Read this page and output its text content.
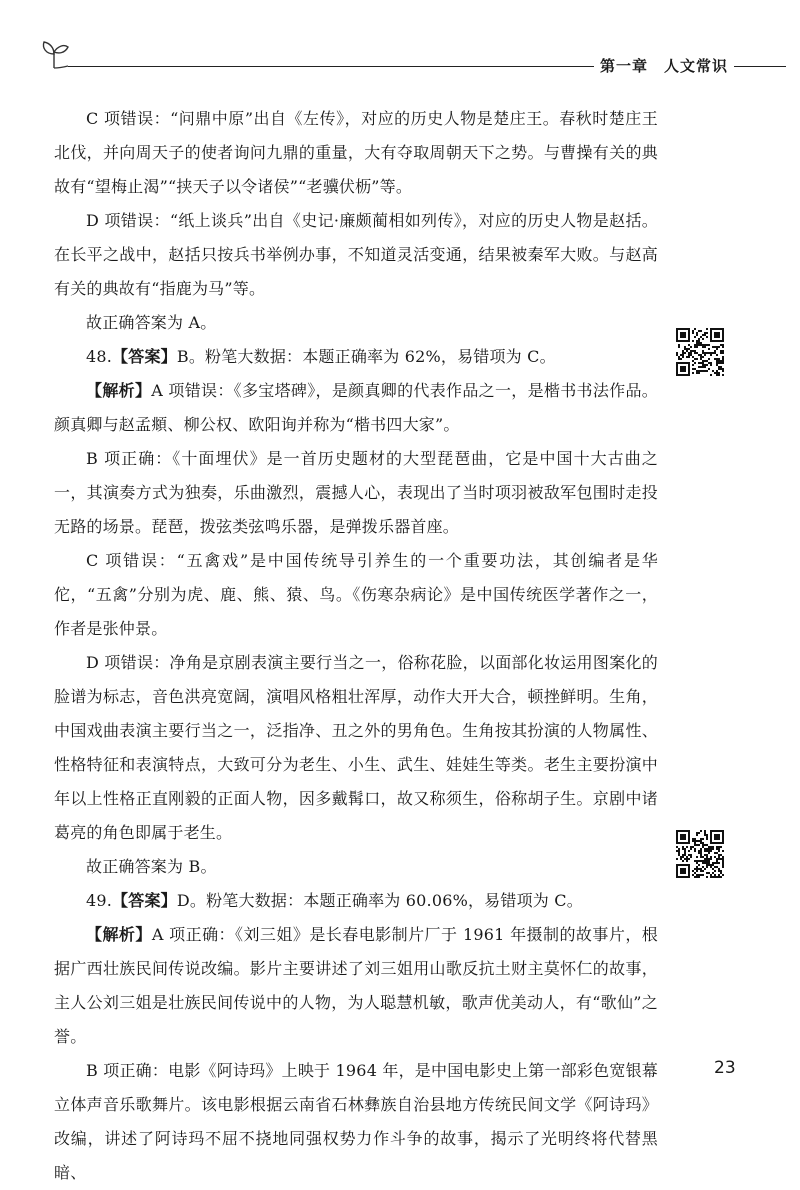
第一章 人文常识

C 项错误：“问鼎中原”出自《左传》，对应的历史人物是楚庄王。春秋时楚庄王北伐，并向周天子的使者询问九鼎的重量，大有夺取周朝天下之势。与曹操有关的典故有“望梅止渴”“挟天子以令诸侯”“老骥伏枥”等。

D 项错误：“纸上谈兵”出自《史记·廉颇蔺相如列传》，对应的历史人物是赵括。在长平之战中，赵括只按兵书举例办事，不知道灵活变通，结果被秦军大败。与赵高有关的典故有“指鹿为马”等。

故正确答案为 A。

48.【答案】B。粉笔大数据：本题正确率为 62%，易错项为 C。

【解析】A 项错误：《多宝塔碑》，是颜真卿的代表作品之一，是楷书书法作品。颜真卿与赵孟頫、柳公权、欧阳询并称为“楷书四大家”。

B 项正确：《十面埋伏》是一首历史题材的大型琵琶曲，它是中国十大古曲之一，其演奏方式为独奏，乐曲激烈，震撼人心，表现出了当时项羽被敌军包围时走投无路的场景。琵琶，拨弦类弦鸣乐器，是弹拨乐器首座。

C 项错误：“五禽戏”是中国传统导引养生的一个重要功法，其创编者是华佗，“五禽”分别为虎、鹿、熊、猿、鸟。《伤寒杂病论》是中国传统医学著作之一，作者是张仲景。

D 项错误：净角是京剧表演主要行当之一，俗称花脸，以面部化妆运用图案化的脸谱为标志，音色洪亮宽阔，演唱风格粗壮浑厚，动作大开大合，顿挫鲜明。生角，中国戏曲表演主要行当之一，泛指净、丑之外的男角色。生角按其扮演的人物属性、性格特征和表演特点，大致可分为老生、小生、武生、娃娃生等类。老生主要扮演中年以上性格正直刚毅的正面人物，因多戴髯口，故又称须生，俗称胡子生。京剧中诸葛亮的角色即属于老生。

故正确答案为 B。

49.【答案】D。粉笔大数据：本题正确率为 60.06%，易错项为 C。

【解析】A 项正确：《刘三姐》是长春电影制片厂于 1961 年摄制的故事片，根据广西壮族民间传说改编。影片主要讲述了刘三姐用山歌反抗土财主莫怀仁的故事，主人公刘三姐是壮族民间传说中的人物，为人聪慧机敏，歌声优美动人，有“歌仙”之誉。

B 项正确：电影《阿诗玛》上映于 1964 年，是中国电影史上第一部彩色宽银幕立体声音乐歌舞片。该电影根据云南省石林彝族自治县地方传统民间文学《阿诗玛》改编，讲述了阿诗玛不屈不挠地同强权势力作斗争的故事，揭示了光明终将代替黑暗、

23
